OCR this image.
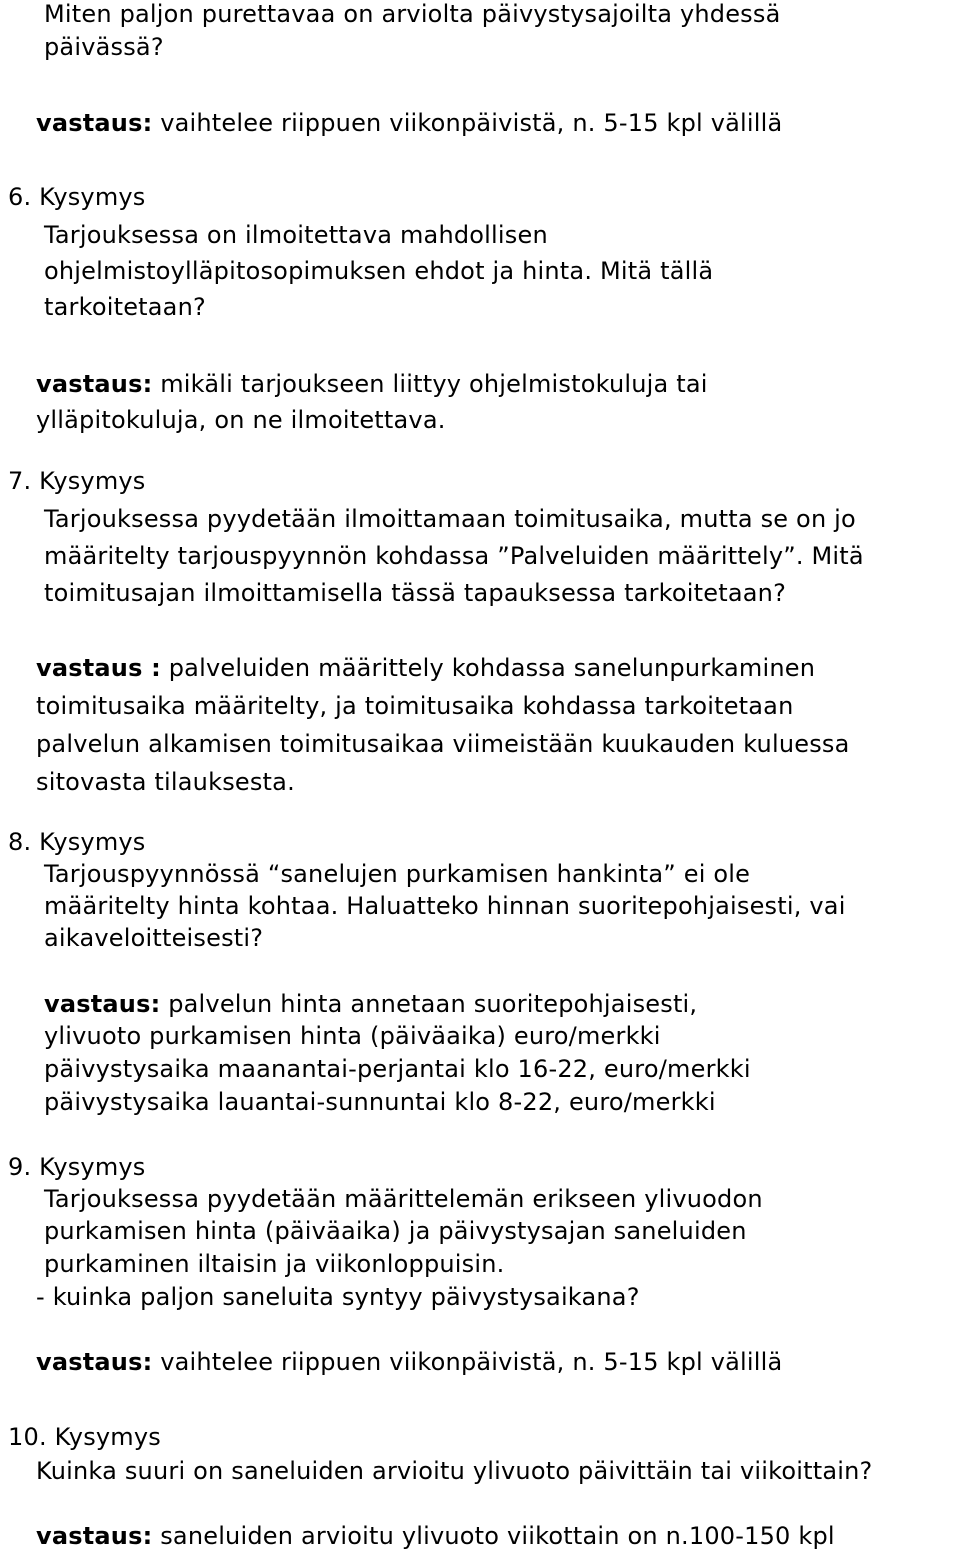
Miten paljon purettavaa on arviolta päivystysajoilta yhdessä
päivässä?
vastaus: vaihtelee riippuen viikonpäivistä, n. 5-15 kpl välillä
6. Kysymys
Tarjouksessa on ilmoitettava mahdollisen
ohjelmistoylläpitosopimuksen ehdot ja hinta. Mitä tällä
tarkoitetaan?
vastaus: mikäli tarjoukseen liittyy ohjelmistokuluja tai
ylläpitokuluja, on ne ilmoitettava.
7. Kysymys
Tarjouksessa pyydetään ilmoittamaan toimitusaika, mutta se on jo
määritelty tarjouspyynnön kohdassa ”Palveluiden määrittely”. Mitä
toimitusajan ilmoittamisella tässä tapauksessa tarkoitetaan?
vastaus : palveluiden määrittely kohdassa sanelunpurkaminen
toimitusaika määritelty, ja toimitusaika kohdassa tarkoitetaan
palvelun alkamisen toimitusaikaa viimeistään kuukauden kuluessa
sitovasta tilauksesta.
8. Kysymys
Tarjouspyynnössä “sanelujen purkamisen hankinta” ei ole
määritelty hinta kohtaa. Haluatteko hinnan suoritepohjaisesti, vai
aikaveloitteisesti?
vastaus: palvelun hinta annetaan suoritepohjaisesti,
ylivuoto purkamisen hinta (päiväaika) euro/merkki
päivystysaika maanantai-perjantai klo 16-22, euro/merkki
päivystysaika lauantai-sunnuntai klo 8-22, euro/merkki
9. Kysymys
Tarjouksessa pyydetään määrittelemän erikseen ylivuodon
purkamisen hinta (päiväaika) ja päivystysajan saneluiden
purkaminen iltaisin ja viikonloppuisin.
- kuinka paljon saneluita syntyy päivystysaikana?
vastaus: vaihtelee riippuen viikonpäivistä, n. 5-15 kpl välillä
10. Kysymys
Kuinka suuri on saneluiden arvioitu ylivuoto päivittäin tai viikoittain?
vastaus: saneluiden arvioitu ylivuoto viikottain on n.100-150 kpl
